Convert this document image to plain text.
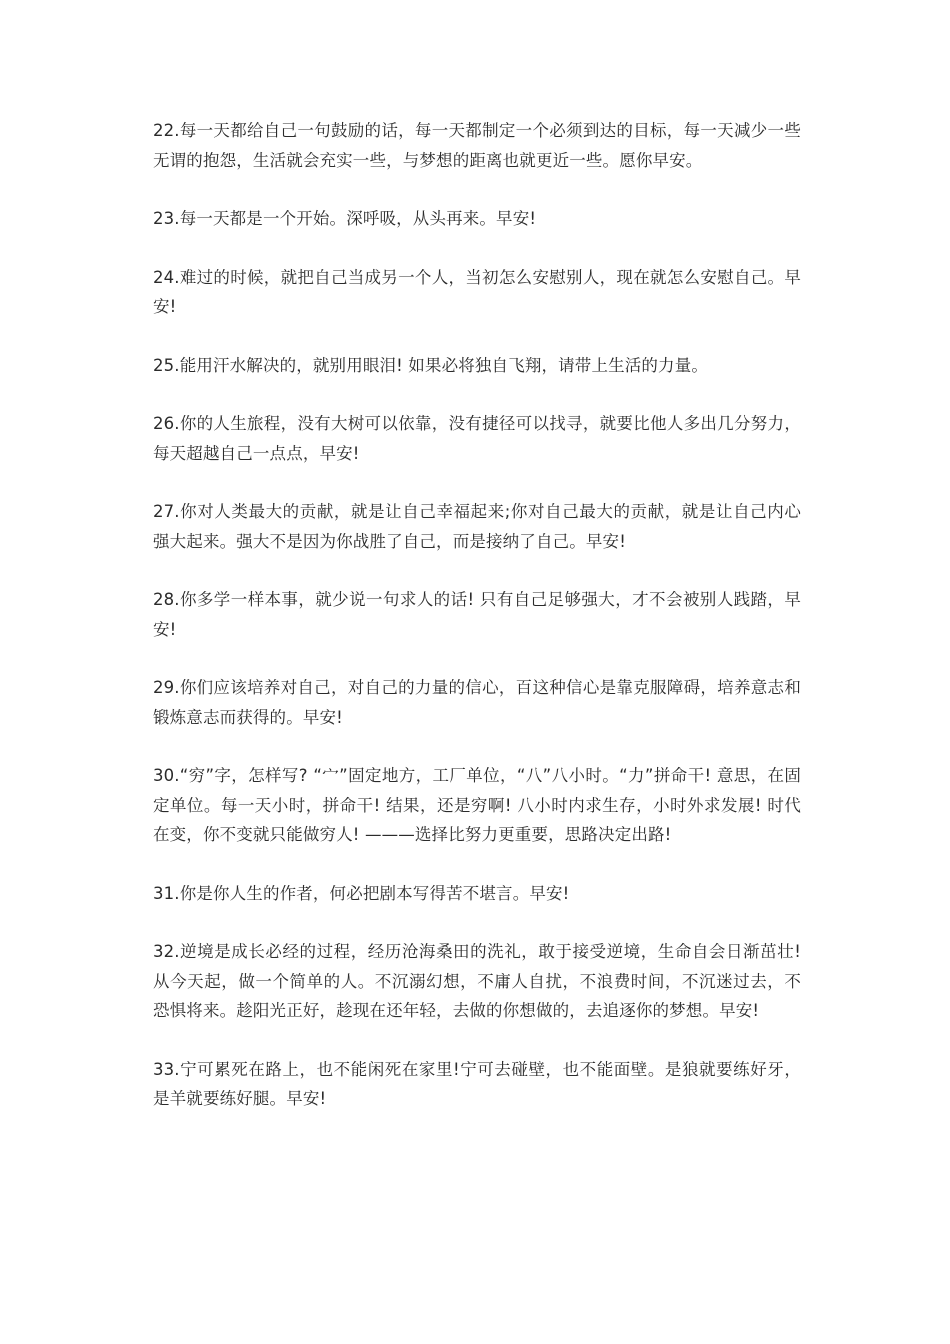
22.每一天都给自己一句鼓励的话，每一天都制定一个必须到达的目标，每一天减少一些无谓的抱怨，生活就会充实一些，与梦想的距离也就更近一些。愿你早安。

23.每一天都是一个开始。深呼吸，从头再来。早安!

24.难过的时候，就把自己当成另一个人，当初怎么安慰别人，现在就怎么安慰自己。早安!

25.能用汗水解决的，就别用眼泪! 如果必将独自飞翔，请带上生活的力量。

26.你的人生旅程，没有大树可以依靠，没有捷径可以找寻，就要比他人多出几分努力，每天超越自己一点点，早安!

27.你对人类最大的贡献，就是让自己幸福起来;你对自己最大的贡献，就是让自己内心强大起来。强大不是因为你战胜了自己，而是接纳了自己。早安!

28.你多学一样本事，就少说一句求人的话! 只有自己足够强大，才不会被别人践踏，早安!

29.你们应该培养对自己，对自己的力量的信心，百这种信心是靠克服障碍，培养意志和锻炼意志而获得的。早安!

30.“穷”字，怎样写? “宀”固定地方，工厂单位，“八”八小时。“力”拼命干! 意思，在固定单位。每一天小时，拼命干! 结果，还是穷啊! 八小时内求生存，小时外求发展! 时代在变，你不变就只能做穷人! ———选择比努力更重要，思路决定出路!

31.你是你人生的作者，何必把剧本写得苦不堪言。早安!

32.逆境是成长必经的过程，经历沧海桑田的洗礼，敢于接受逆境，生命自会日渐茁壮! 从今天起，做一个简单的人。不沉溺幻想，不庸人自扰，不浪费时间，不沉迷过去，不恐惧将来。趁阳光正好，趁现在还年轻，去做的你想做的，去追逐你的梦想。早安!

33.宁可累死在路上，也不能闲死在家里!宁可去碰壁，也不能面壁。是狼就要练好牙，是羊就要练好腿。早安!
